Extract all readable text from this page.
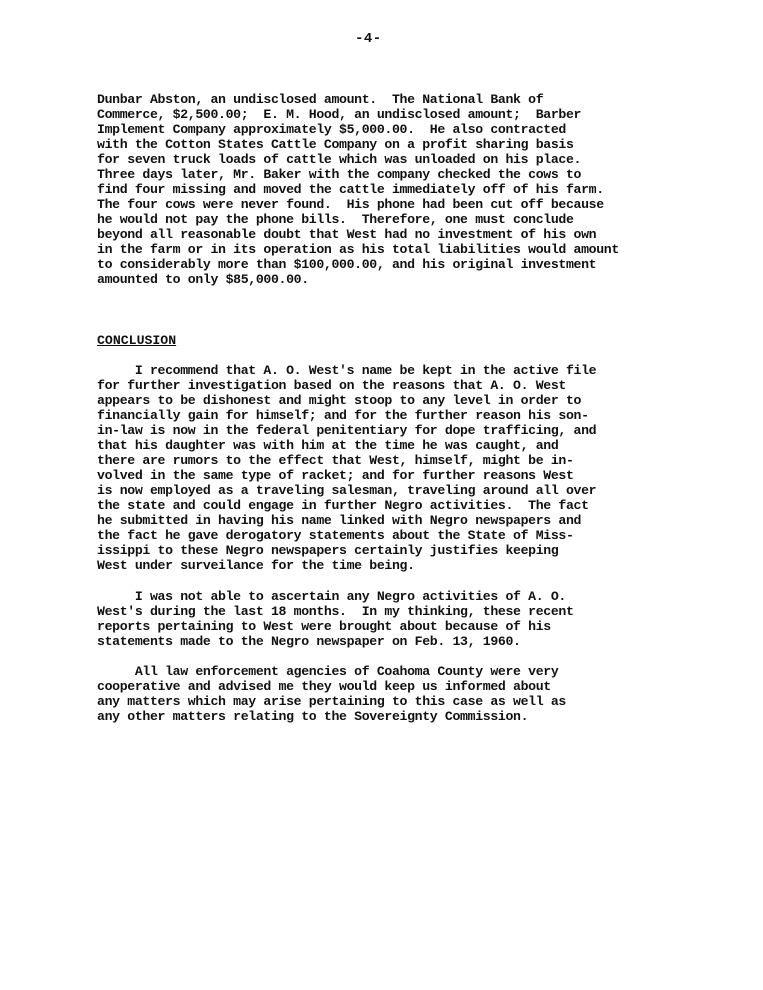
-4-
Dunbar Abston, an undisclosed amount.  The National Bank of
Commerce, $2,500.00;  E. M. Hood, an undisclosed amount;  Barber
Implement Company approximately $5,000.00.  He also contracted
with the Cotton States Cattle Company on a profit sharing basis
for seven truck loads of cattle which was unloaded on his place.
Three days later, Mr. Baker with the company checked the cows to
find four missing and moved the cattle immediately off of his farm.
The four cows were never found.  His phone had been cut off because
he would not pay the phone bills.  Therefore, one must conclude
beyond all reasonable doubt that West had no investment of his own
in the farm or in its operation as his total liabilities would amount
to considerably more than $100,000.00, and his original investment
amounted to only $85,000.00.
CONCLUSION
I recommend that A. O. West's name be kept in the active file
for further investigation based on the reasons that A. O. West
appears to be dishonest and might stoop to any level in order to
financially gain for himself; and for the further reason his son-
in-law is now in the federal penitentiary for dope trafficing, and
that his daughter was with him at the time he was caught, and
there are rumors to the effect that West, himself, might be in-
volved in the same type of racket; and for further reasons West
is now employed as a traveling salesman, traveling around all over
the state and could engage in further Negro activities.  The fact
he submitted in having his name linked with Negro newspapers and
the fact he gave derogatory statements about the State of Miss-
issippi to these Negro newspapers certainly justifies keeping
West under surveilance for the time being.
I was not able to ascertain any Negro activities of A. O.
West's during the last 18 months.  In my thinking, these recent
reports pertaining to West were brought about because of his
statements made to the Negro newspaper on Feb. 13, 1960.
All law enforcement agencies of Coahoma County were very
cooperative and advised me they would keep us informed about
any matters which may arise pertaining to this case as well as
any other matters relating to the Sovereignty Commission.
